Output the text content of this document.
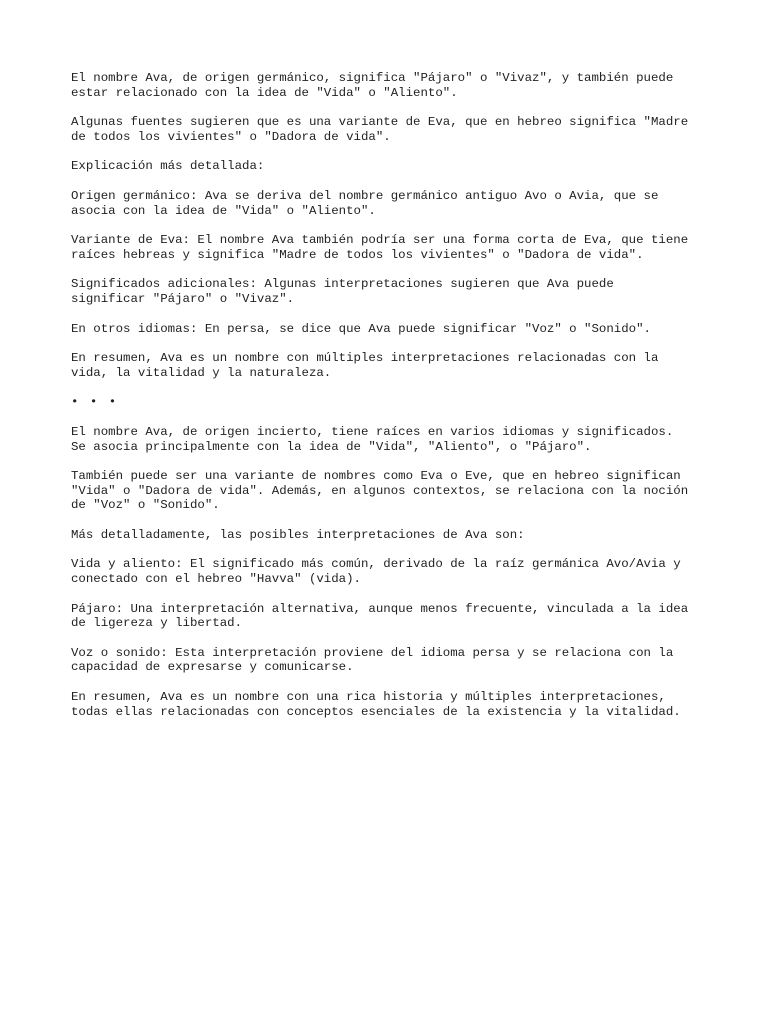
El nombre Ava, de origen germánico, significa "Pájaro" o "Vivaz", y también puede
estar relacionado con la idea de "Vida" o "Aliento".
Algunas fuentes sugieren que es una variante de Eva, que en hebreo significa "Madre
de todos los vivientes" o "Dadora de vida".
Explicación más detallada:
Origen germánico: Ava se deriva del nombre germánico antiguo Avo o Avia, que se
asocia con la idea de "Vida" o "Aliento".
Variante de Eva: El nombre Ava también podría ser una forma corta de Eva, que tiene
raíces hebreas y significa "Madre de todos los vivientes" o "Dadora de vida".
Significados adicionales: Algunas interpretaciones sugieren que Ava puede
significar "Pájaro" o "Vivaz".
En otros idiomas: En persa, se dice que Ava puede significar "Voz" o "Sonido".
En resumen, Ava es un nombre con múltiples interpretaciones relacionadas con la
vida, la vitalidad y la naturaleza.
• • •
El nombre Ava, de origen incierto, tiene raíces en varios idiomas y significados.
Se asocia principalmente con la idea de "Vida", "Aliento", o "Pájaro".
También puede ser una variante de nombres como Eva o Eve, que en hebreo significan
"Vida" o "Dadora de vida". Además, en algunos contextos, se relaciona con la noción
de "Voz" o "Sonido".
Más detalladamente, las posibles interpretaciones de Ava son:
Vida y aliento: El significado más común, derivado de la raíz germánica Avo/Avia y
conectado con el hebreo "Havva" (vida).
Pájaro: Una interpretación alternativa, aunque menos frecuente, vinculada a la idea
de ligereza y libertad.
Voz o sonido: Esta interpretación proviene del idioma persa y se relaciona con la
capacidad de expresarse y comunicarse.
En resumen, Ava es un nombre con una rica historia y múltiples interpretaciones,
todas ellas relacionadas con conceptos esenciales de la existencia y la vitalidad.
